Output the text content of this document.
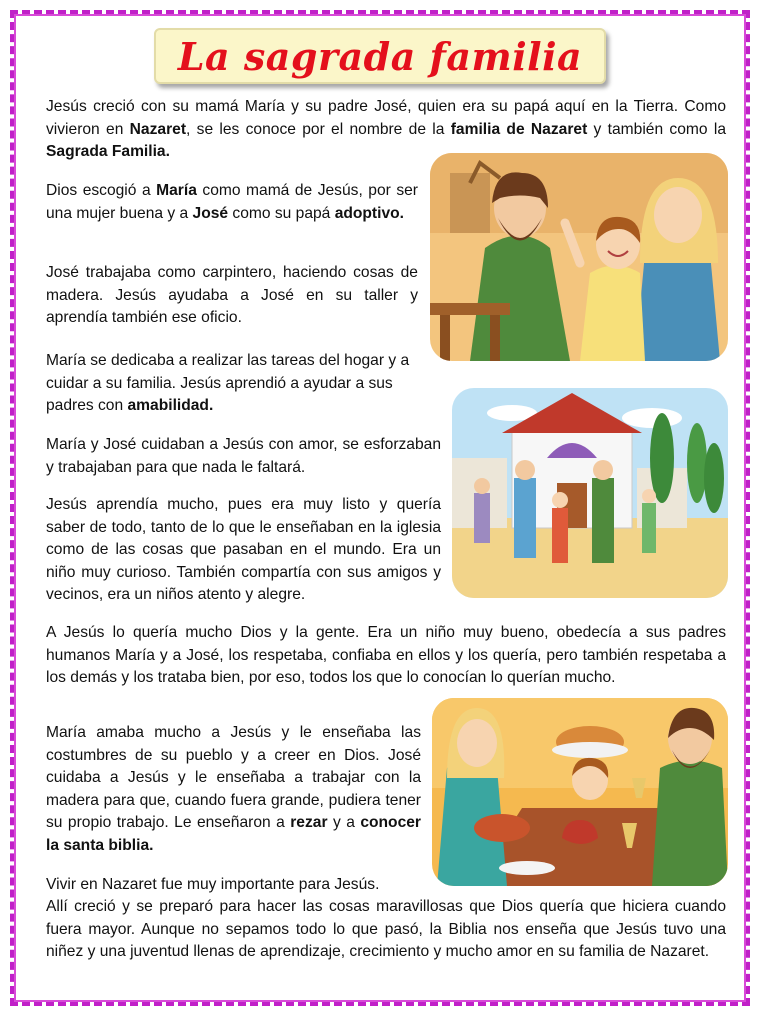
La sagrada familia

Jesús creció con su mamá María y su padre José, quien era su papá aquí en la Tierra. Como vivieron en Nazaret, se les conoce por el nombre de la familia de Nazaret y también como la Sagrada Familia.

Dios escogió a María como mamá de Jesús, por ser una mujer buena y a José como su papá adoptivo.

José trabajaba como carpintero, haciendo cosas de madera. Jesús ayudaba a José en su taller y aprendía también ese oficio.

María se dedicaba a realizar las tareas del hogar y a cuidar a su familia. Jesús aprendió a ayudar a sus padres con amabilidad.

María y José cuidaban a Jesús con amor, se esforzaban y trabajaban para que nada le faltará.

Jesús aprendía mucho, pues era muy listo y quería saber de todo, tanto de lo que le enseñaban en la iglesia como de las cosas que pasaban en el mundo. Era un niño muy curioso. También compartía con sus amigos y vecinos, era un niños atento y alegre.

A Jesús lo quería mucho Dios y la gente. Era un niño muy bueno, obedecía a sus padres humanos María y a José, los respetaba, confiaba en ellos y los quería, pero también respetaba a los demás y los trataba bien, por eso, todos los que lo conocían lo querían mucho.

María amaba mucho a Jesús y le enseñaba las costumbres de su pueblo y a creer en Dios. José cuidaba a Jesús y le enseñaba a trabajar con la madera para que, cuando fuera grande, pudiera tener su propio trabajo. Le enseñaron a rezar y a conocer la santa biblia.

Vivir en Nazaret fue muy importante para Jesús.

Allí creció y se preparó para hacer las cosas maravillosas que Dios quería que hiciera cuando fuera mayor. Aunque no sepamos todo lo que pasó, la Biblia nos enseña que Jesús tuvo una niñez y una juventud llenas de aprendizaje, crecimiento y mucho amor en su familia de Nazaret.
